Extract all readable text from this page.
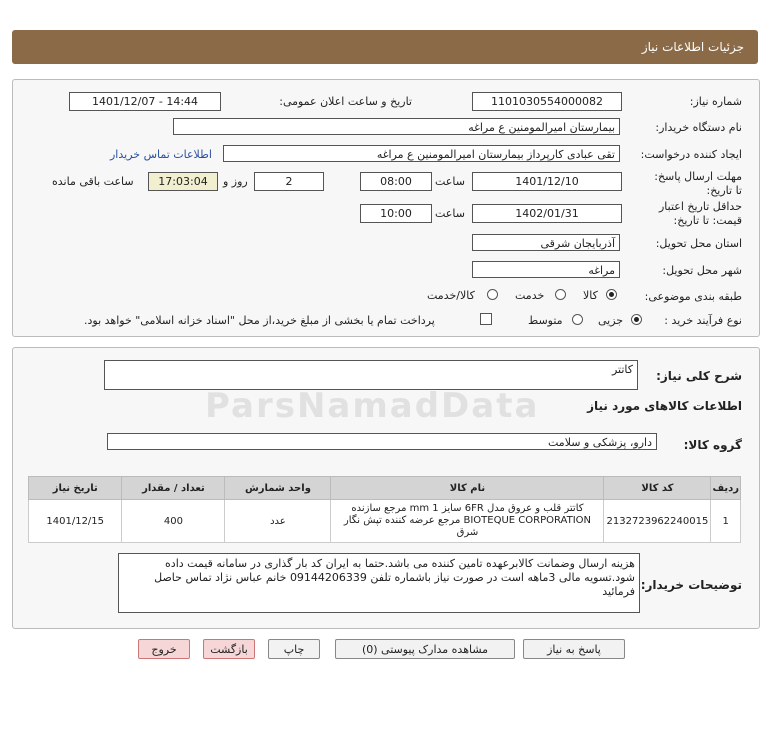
جزئیات اطلاعات نیاز
شماره نیاز:
1101030554000082
تاریخ و ساعت اعلان عمومی:
1401/12/07 - 14:44
نام دستگاه خریدار:
بیمارستان امیرالمومنین ع مراغه
ایجاد کننده درخواست:
تقی عبادی کارپرداز بیمارستان امیرالمومنین ع مراغه
اطلاعات تماس خریدار
مهلت ارسال پاسخ: تا تاریخ:
1401/12/10
ساعت
08:00
2
روز و
17:03:04
ساعت باقی مانده
حداقل تاریخ اعتبار قیمت: تا تاریخ:
1402/01/31
ساعت
10:00
استان محل تحویل:
آذربایجان شرقی
شهر محل تحویل:
مراغه
طبقه بندی موضوعی:
کالا
خدمت
کالا/خدمت
نوع فرآیند خرید :
جزیی
متوسط
پرداخت تمام یا بخشی از مبلغ خرید،از محل "اسناد خزانه اسلامی" خواهد بود.
شرح کلی نیاز:
کاتتر
اطلاعات کالاهای مورد نیاز
ParsNamadData
گروه کالا:
دارو، پزشکی و سلامت
ردیف	کد کالا	نام کالا	واحد شمارش	تعداد / مقدار	تاریخ نیاز
1	2132723962240015	کاتتر قلب و عروق مدل 6FR سایز 1 mm مرجع سازنده BIOTEQUE CORPORATION مرجع عرضه کننده تپش نگار شرق	عدد	400	1401/12/15
توضیحات خریدار:
هزینه ارسال وضمانت کالابرعهده تامین کننده می باشد.حتما به ایران کد بار گذاری در سامانه قیمت داده شود.تسویه مالی 3ماهه است در صورت نیاز باشماره تلفن 09144206339 خانم عباس نژاد تماس حاصل فرمائید
پاسخ به نیاز
مشاهده مدارک پیوستی (0)
چاپ
بازگشت
خروج
